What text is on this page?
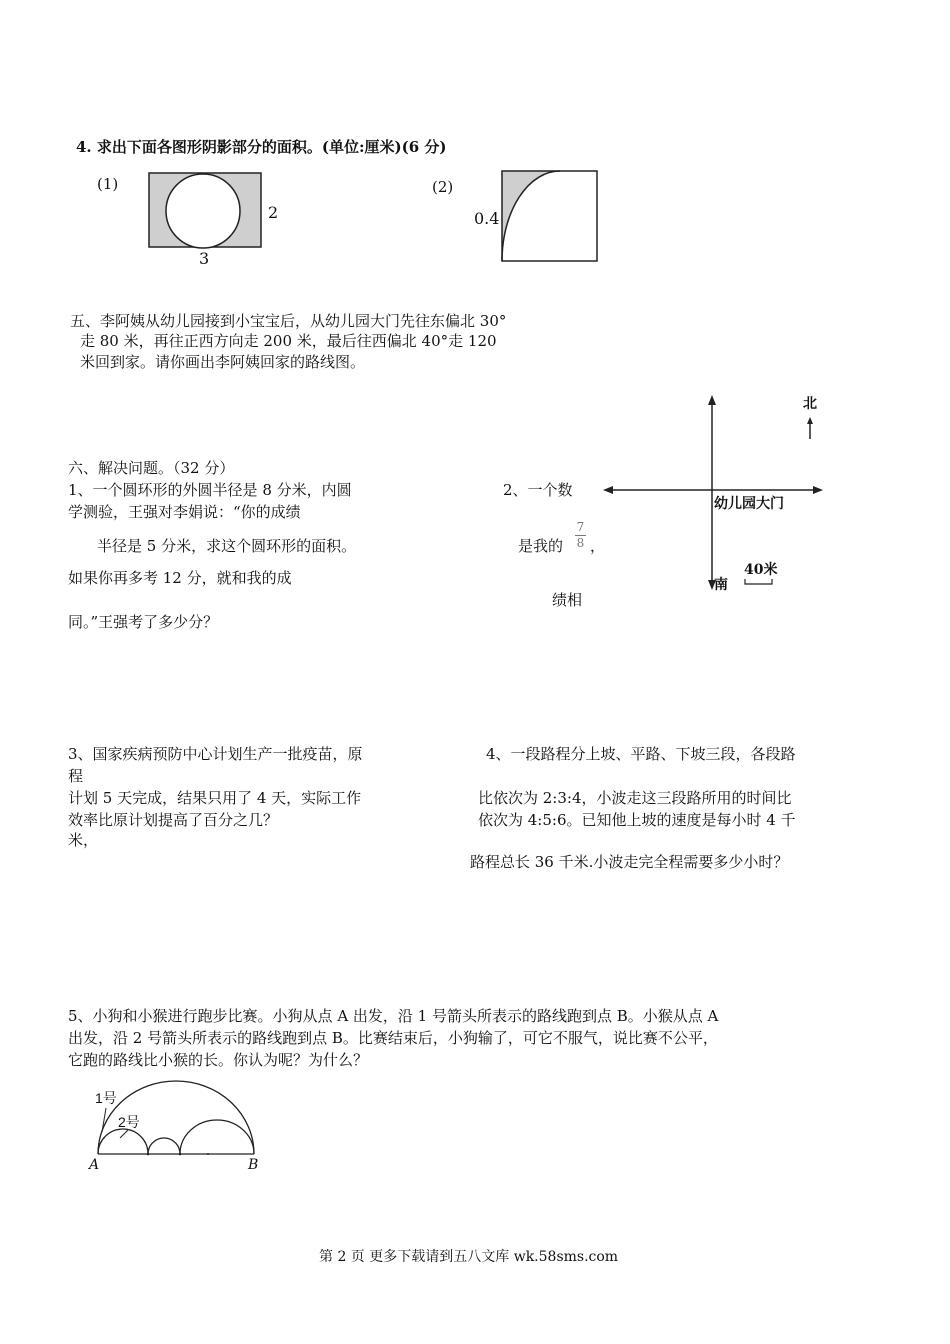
4. 求出下面各图形阴影部分的面积。(单位:厘米)(6 分)
(1)
2
3
(2)
0.4
五、李阿姨从幼儿园接到小宝宝后，从幼儿园大门先往东偏北 30°
走 80 米，再往正西方向走 200 米，最后往西偏北 40°走 120
米回到家。请你画出李阿姨回家的路线图。
北
幼儿园大门
南
40米
六、解决问题。（32 分）
1、一个圆环形的外圆半径是 8 分米，内圆
学测验，王强对李娟说：“你的成绩
半径是 5 分米，求这个圆环形的面积。
如果你再多考 12 分，就和我的成
同。”王强考了多少分？
2、一个数
是我的
7
8 ，
绩相
3、国家疾病预防中心计划生产一批疫苗，原
程
计划 5 天完成，结果只用了 4 天，实际工作
效率比原计划提高了百分之几？
米，
4、一段路程分上坡、平路、下坡三段，各段路
比依次为 2:3:4，小波走这三段路所用的时间比
依次为 4:5:6。已知他上坡的速度是每小时 4 千
路程总长 36 千米.小波走完全程需要多少小时？
5、小狗和小猴进行跑步比赛。小狗从点 A 出发，沿 1 号箭头所表示的路线跑到点 B。小猴从点 A
出发，沿 2 号箭头所表示的路线跑到点 B。比赛结束后，小狗输了，可它不服气，说比赛不公平，
它跑的路线比小猴的长。你认为呢？为什么？
1号
2号
A	B
第 2 页 更多下载请到五八文库 wk.58sms.com
